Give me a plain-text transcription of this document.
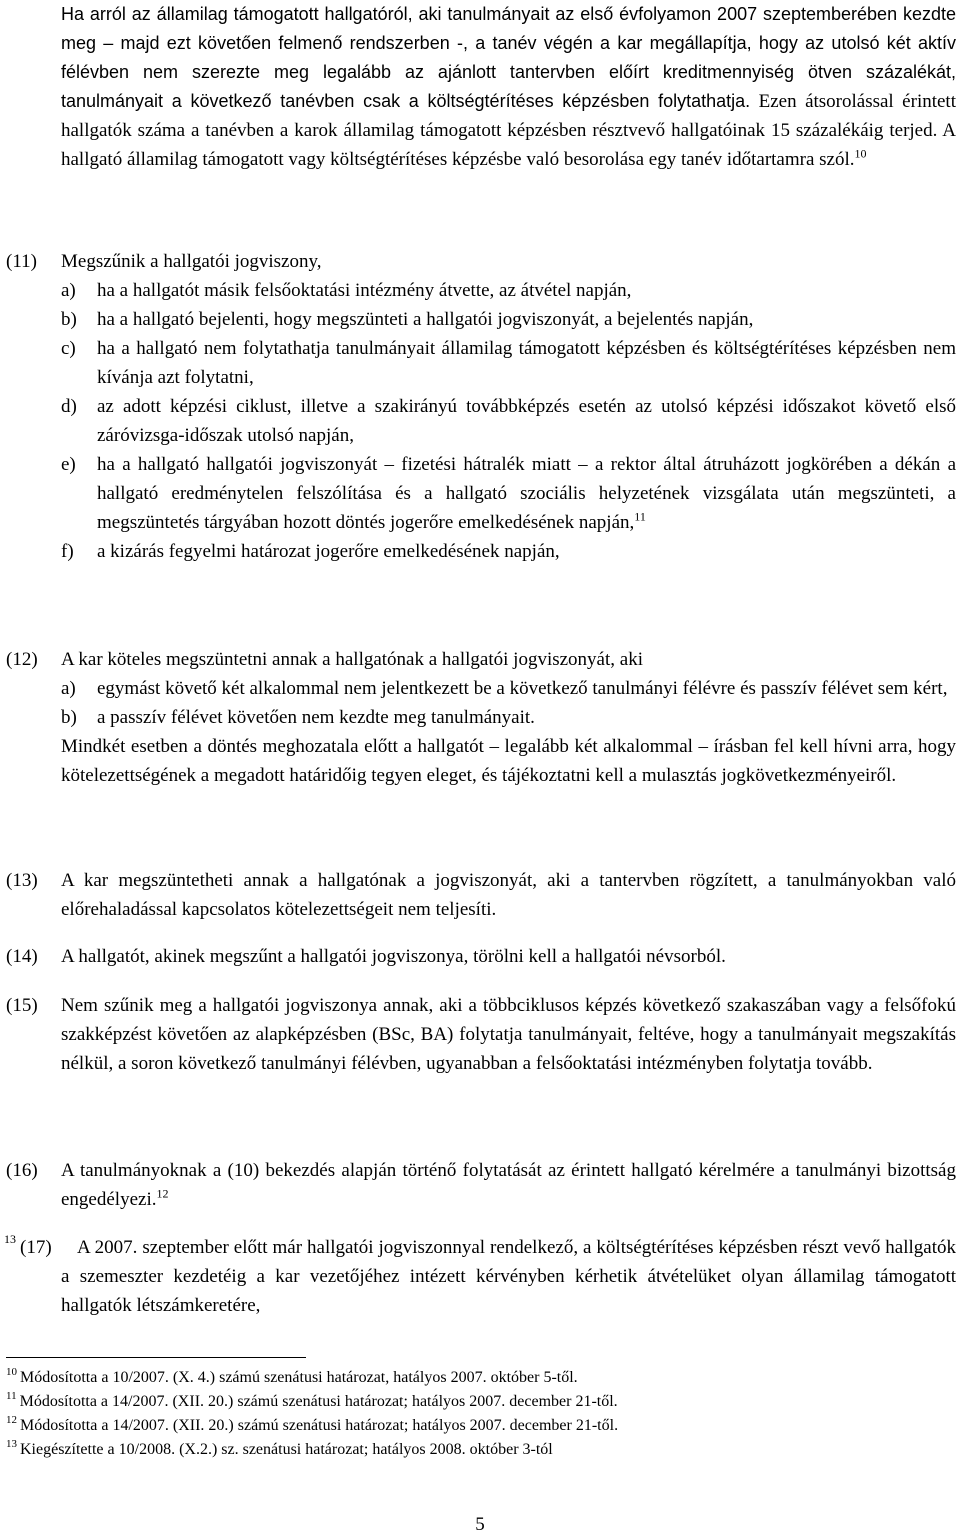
Ha arról az államilag támogatott hallgatóról, aki tanulmányait az első évfolyamon 2007 szeptemberében kezdte meg – majd ezt követően felmenő rendszerben -, a tanév végén a kar megállapítja, hogy az utolsó két aktív félévben nem szerezte meg legalább az ajánlott tantervben előírt kreditmennyiség ötven százalékát, tanulmányait a következő tanévben csak a költségtérítéses képzésben folytathatja. Ezen átsorolással érintett hallgatók száma a tanévben a karok államilag támogatott képzésben résztvevő hallgatóinak 15 százalékáig terjed. A hallgató államilag támogatott vagy költségtérítéses képzésbe való besorolása egy tanév időtartamra szól.$^{10}$
(11)	Megszűnik a hallgatói jogviszony,
a) ha a hallgatót másik felsőoktatási intézmény átvette, az átvétel napján,
b) ha a hallgató bejelenti, hogy megszünteti a hallgatói jogviszonyát, a bejelentés napján,
c) ha a hallgató nem folytathatja tanulmányait államilag támogatott képzésben és költségtérítéses képzésben nem kívánja azt folytatni,
d) az adott képzési ciklust, illetve a szakirányú továbbképzés esetén az utolsó képzési időszakot követő első záróvizsga-időszak utolsó napján,
e) ha a hallgató hallgatói jogviszonyát – fizetési hátralék miatt – a rektor által átruházott jogkörében a dékán a hallgató eredménytelen felszólítása és a hallgató szociális helyzetének vizsgálata után megszünteti, a megszüntetés tárgyában hozott döntés jogerőre emelkedésének napján,$^{11}$
f) a kizárás fegyelmi határozat jogerőre emelkedésének napján,
(12)	A kar köteles megszüntetni annak a hallgatónak a hallgatói jogviszonyát, aki
a) egymást követő két alkalommal nem jelentkezett be a következő tanulmányi félévre és passzív félévet sem kért,
b) a passzív félévet követően nem kezdte meg tanulmányait.
Mindkét esetben a döntés meghozatala előtt a hallgatót – legalább két alkalommal – írásban fel kell hívni arra, hogy kötelezettségének a megadott határidőig tegyen eleget, és tájékoztatni kell a mulasztás jogkövetkezményeiről.
(13)	A kar megszüntetheti annak a hallgatónak a jogviszonyát, aki a tantervben rögzített, a tanulmányokban való előrehaladással kapcsolatos kötelezettségeit nem teljesíti.
(14)	A hallgatót, akinek megszűnt a hallgatói jogviszonya, törölni kell a hallgatói névsorból.
(15)	Nem szűnik meg a hallgatói jogviszonya annak, aki a többciklusos képzés következő szakaszában vagy a felsőfokú szakképzést követően az alapképzésben (BSc, BA) folytatja tanulmányait, feltéve, hogy a tanulmányait megszakítás nélkül, a soron következő tanulmányi félévben, ugyanabban a felsőoktatási intézményben folytatja tovább.
(16)	A tanulmányoknak a (10) bekezdés alapján történő folytatását az érintett hallgató kérelmére a tanulmányi bizottság engedélyezi.$^{12}$
13 (17)	A 2007. szeptember előtt már hallgatói jogviszonnyal rendelkező, a költségtérítéses képzésben részt vevő hallgatók a szemeszter kezdetéig a kar vezetőjéhez intézett kérvényben kérhetik átvételüket olyan államilag támogatott hallgatók létszámkeretére,
$^{10}$ Módosította a 10/2007. (X. 4.) számú szenátusi határozat, hatályos 2007. október 5-től.
$^{11}$ Módosította a 14/2007. (XII. 20.) számú szenátusi határozat; hatályos 2007. december 21-től.
$^{12}$ Módosította a 14/2007. (XII. 20.) számú szenátusi határozat; hatályos 2007. december 21-től.
$^{13}$ Kiegészítette a 10/2008. (X.2.) sz. szenátusi határozat; hatályos 2008. október 3-tól
5
